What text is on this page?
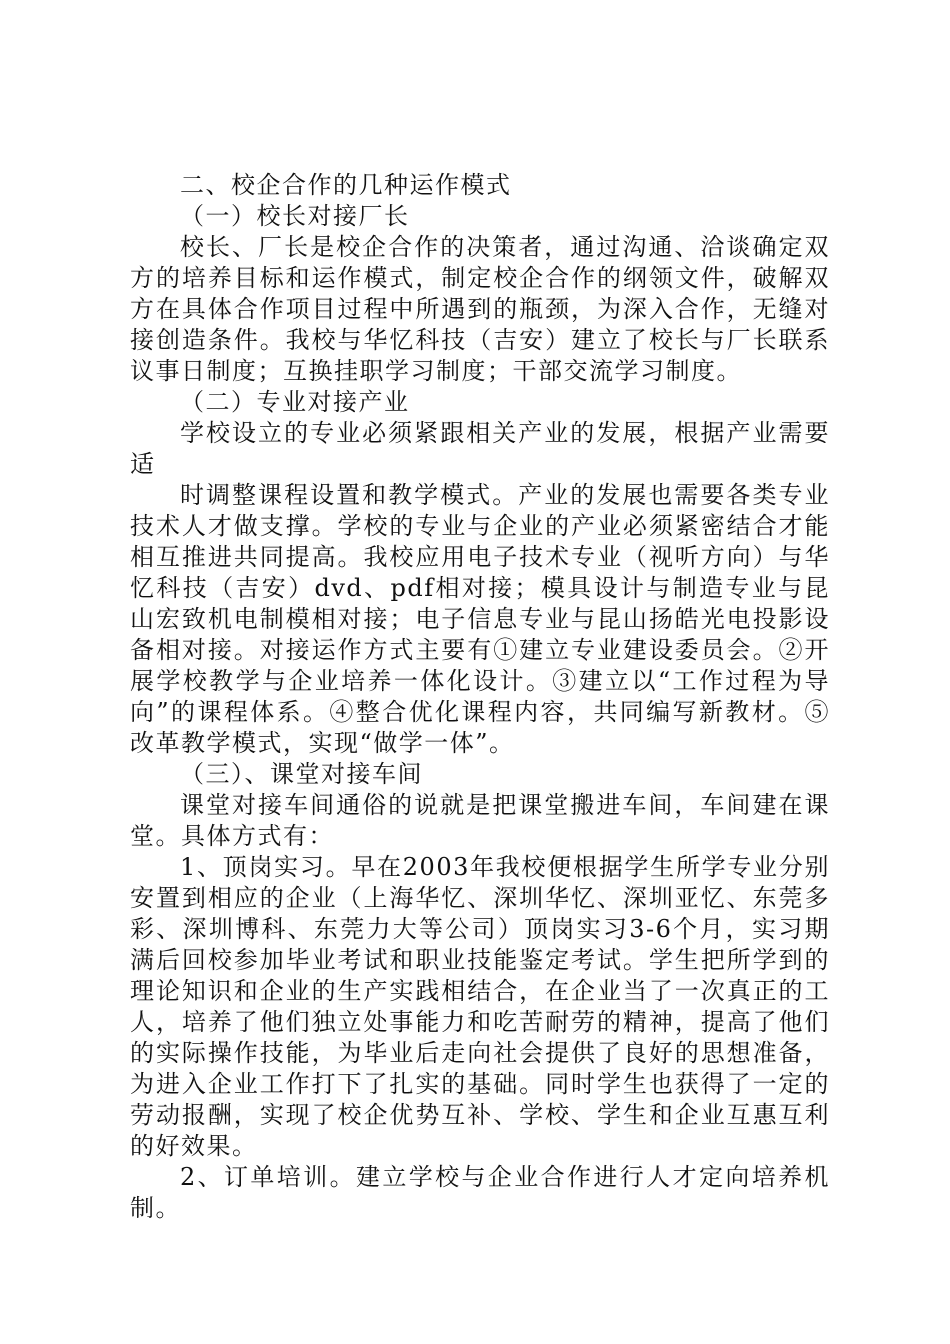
二、校企合作的几种运作模式

（一）校长对接厂长

校长、厂长是校企合作的决策者，通过沟通、洽谈确定双方的培养目标和运作模式，制定校企合作的纲领文件，破解双方在具体合作项目过程中所遇到的瓶颈，为深入合作，无缝对接创造条件。我校与华忆科技（吉安）建立了校长与厂长联系议事日制度；互换挂职学习制度；干部交流学习制度。

（二）专业对接产业

学校设立的专业必须紧跟相关产业的发展，根据产业需要适

时调整课程设置和教学模式。产业的发展也需要各类专业技术人才做支撑。学校的专业与企业的产业必须紧密结合才能相互推进共同提高。我校应用电子技术专业（视听方向）与华忆科技（吉安）dvd、pdf相对接；模具设计与制造专业与昆山宏致机电制模相对接；电子信息专业与昆山扬皓光电投影设备相对接。对接运作方式主要有①建立专业建设委员会。②开展学校教学与企业培养一体化设计。③建立以“工作过程为导向”的课程体系。④整合优化课程内容，共同编写新教材。⑤改革教学模式，实现“做学一体”。

（三）、课堂对接车间

课堂对接车间通俗的说就是把课堂搬进车间，车间建在课堂。具体方式有：

1、顶岗实习。早在2003年我校便根据学生所学专业分别安置到相应的企业（上海华忆、深圳华忆、深圳亚忆、东莞多彩、深圳博科、东莞力大等公司）顶岗实习3-6个月，实习期满后回校参加毕业考试和职业技能鉴定考试。学生把所学到的理论知识和企业的生产实践相结合，在企业当了一次真正的工人，培养了他们独立处事能力和吃苦耐劳的精神，提高了他们的实际操作技能，为毕业后走向社会提供了良好的思想准备，为进入企业工作打下了扎实的基础。同时学生也获得了一定的劳动报酬，实现了校企优势互补、学校、学生和企业互惠互利的好效果。

2、订单培训。建立学校与企业合作进行人才定向培养机制。
